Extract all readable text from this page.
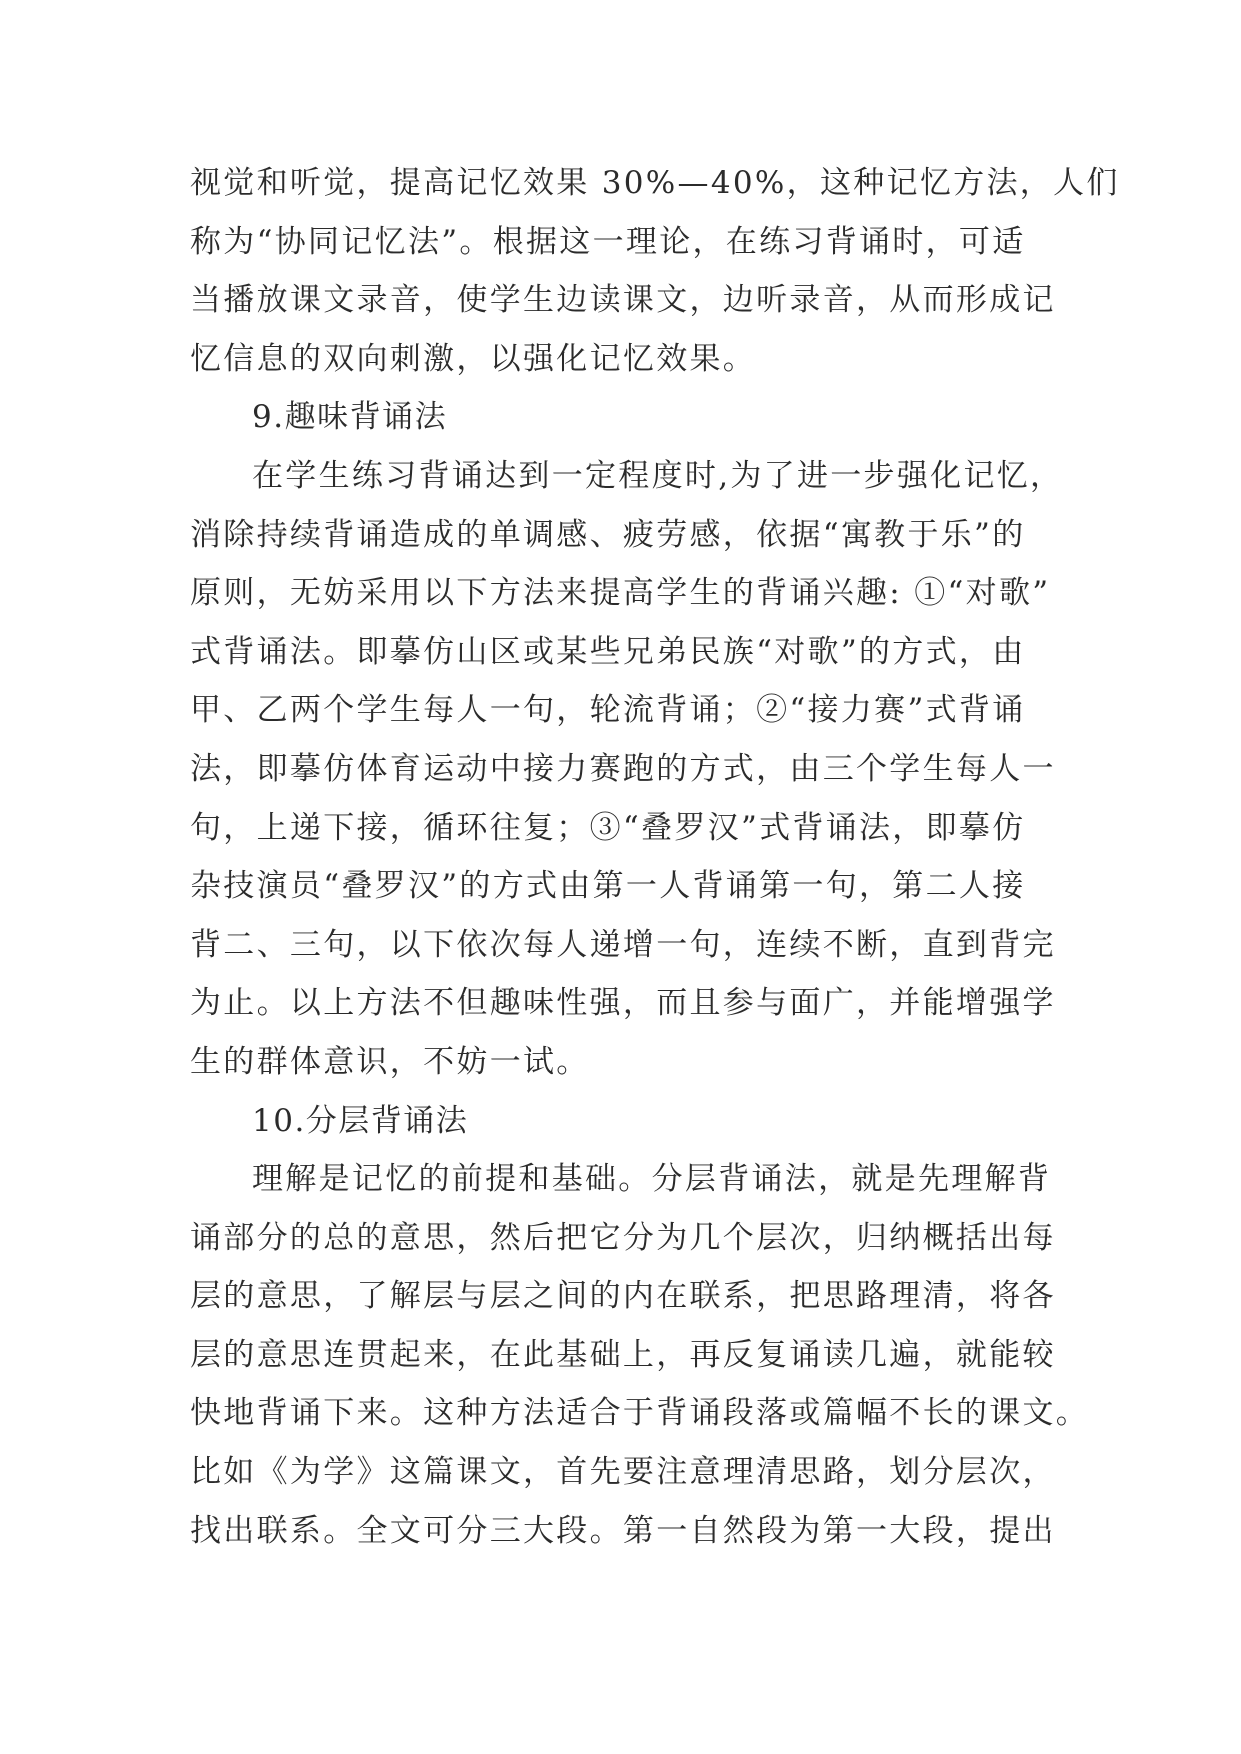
视觉和听觉，提高记忆效果 30%—40%，这种记忆方法，人们
称为“协同记忆法”。根据这一理论，在练习背诵时，可适
当播放课文录音，使学生边读课文，边听录音，从而形成记
忆信息的双向刺激，以强化记忆效果。
9.趣味背诵法
在学生练习背诵达到一定程度时,为了进一步强化记忆，
消除持续背诵造成的单调感、疲劳感，依据“寓教于乐”的
原则，无妨采用以下方法来提高学生的背诵兴趣: ①“对歌”
式背诵法。即摹仿山区或某些兄弟民族“对歌”的方式，由
甲、乙两个学生每人一句，轮流背诵；②“接力赛”式背诵
法，即摹仿体育运动中接力赛跑的方式，由三个学生每人一
句，上递下接，循环往复；③“叠罗汉”式背诵法，即摹仿
杂技演员“叠罗汉”的方式由第一人背诵第一句，第二人接
背二、三句，以下依次每人递增一句，连续不断，直到背完
为止。以上方法不但趣味性强，而且参与面广，并能增强学
生的群体意识，不妨一试。
10.分层背诵法
理解是记忆的前提和基础。分层背诵法，就是先理解背
诵部分的总的意思，然后把它分为几个层次，归纳概括出每
层的意思，了解层与层之间的内在联系，把思路理清，将各
层的意思连贯起来，在此基础上，再反复诵读几遍，就能较
快地背诵下来。这种方法适合于背诵段落或篇幅不长的课文。
比如《为学》这篇课文，首先要注意理清思路，划分层次，
找出联系。全文可分三大段。第一自然段为第一大段，提出
